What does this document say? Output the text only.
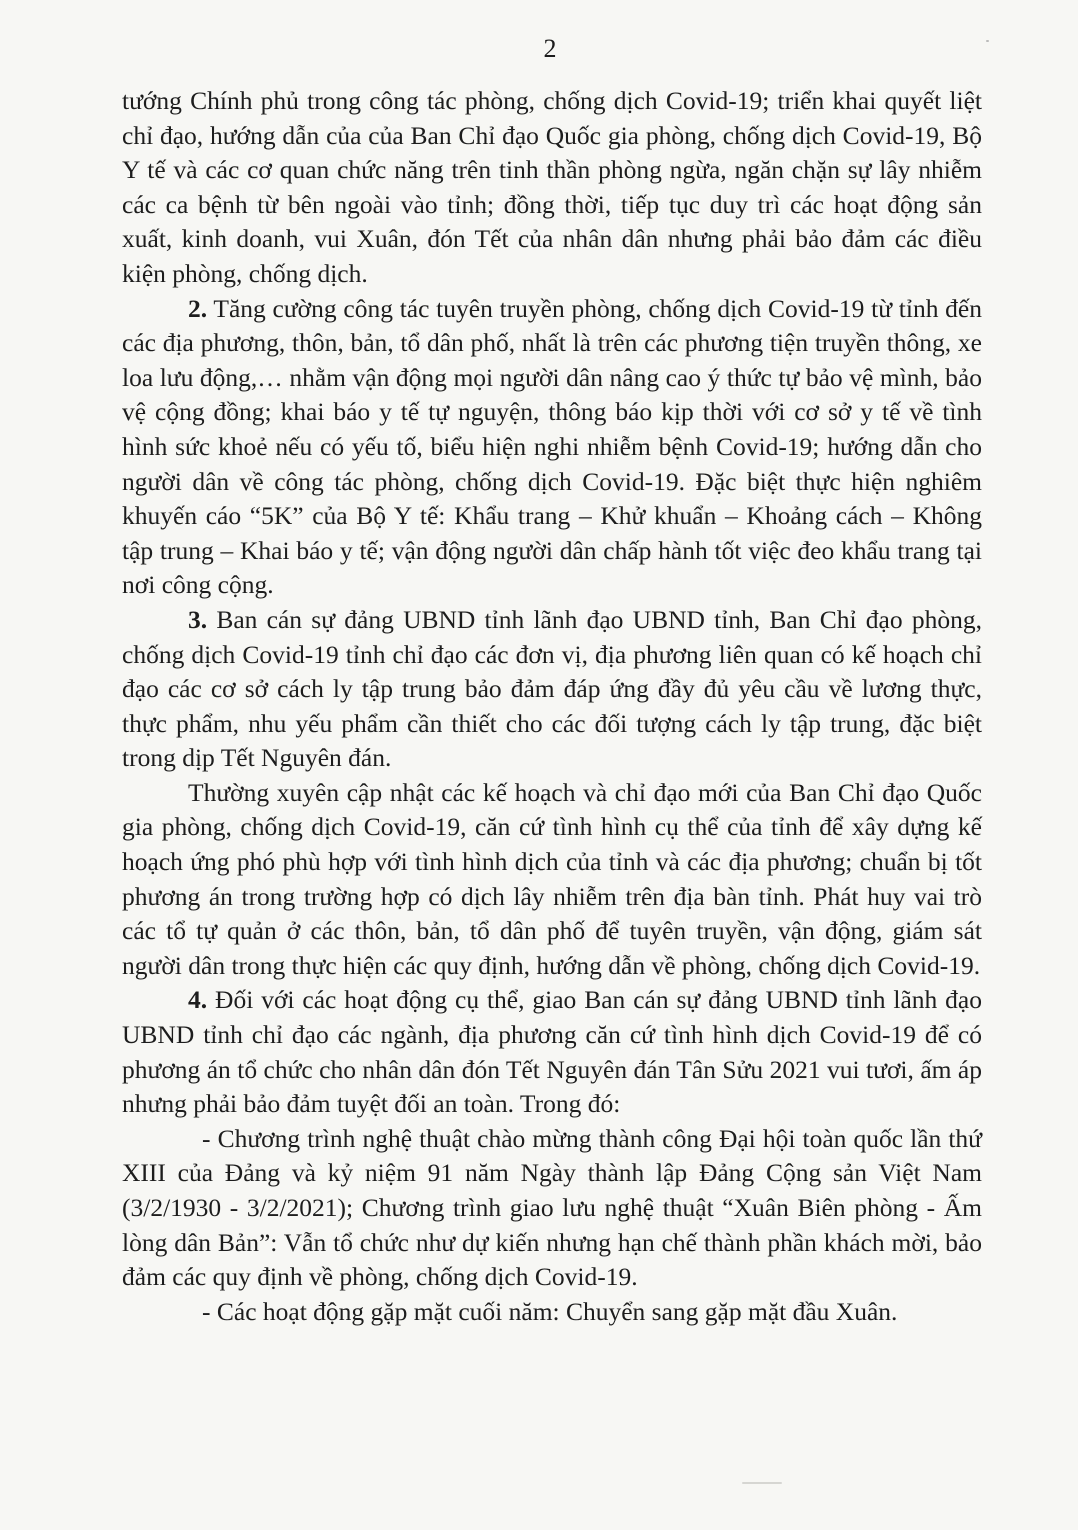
2

tướng Chính phủ trong công tác phòng, chống dịch Covid-19; triển khai quyết liệt chỉ đạo, hướng dẫn của của Ban Chỉ đạo Quốc gia phòng, chống dịch Covid-19, Bộ Y tế và các cơ quan chức năng trên tinh thần phòng ngừa, ngăn chặn sự lây nhiễm các ca bệnh từ bên ngoài vào tỉnh; đồng thời, tiếp tục duy trì các hoạt động sản xuất, kinh doanh, vui Xuân, đón Tết của nhân dân nhưng phải bảo đảm các điều kiện phòng, chống dịch.

2. Tăng cường công tác tuyên truyền phòng, chống dịch Covid-19 từ tỉnh đến các địa phương, thôn, bản, tổ dân phố, nhất là trên các phương tiện truyền thông, xe loa lưu động,… nhằm vận động mọi người dân nâng cao ý thức tự bảo vệ mình, bảo vệ cộng đồng; khai báo y tế tự nguyện, thông báo kịp thời với cơ sở y tế về tình hình sức khoẻ nếu có yếu tố, biểu hiện nghi nhiễm bệnh Covid-19; hướng dẫn cho người dân về công tác phòng, chống dịch Covid-19. Đặc biệt thực hiện nghiêm khuyến cáo “5K” của Bộ Y tế: Khẩu trang – Khử khuẩn – Khoảng cách – Không tập trung – Khai báo y tế; vận động người dân chấp hành tốt việc đeo khẩu trang tại nơi công cộng.

3. Ban cán sự đảng UBND tỉnh lãnh đạo UBND tỉnh, Ban Chỉ đạo phòng, chống dịch Covid-19 tỉnh chỉ đạo các đơn vị, địa phương liên quan có kế hoạch chỉ đạo các cơ sở cách ly tập trung bảo đảm đáp ứng đầy đủ yêu cầu về lương thực, thực phẩm, nhu yếu phẩm cần thiết cho các đối tượng cách ly tập trung, đặc biệt trong dịp Tết Nguyên đán.

Thường xuyên cập nhật các kế hoạch và chỉ đạo mới của Ban Chỉ đạo Quốc gia phòng, chống dịch Covid-19, căn cứ tình hình cụ thể của tỉnh để xây dựng kế hoạch ứng phó phù hợp với tình hình dịch của tỉnh và các địa phương; chuẩn bị tốt phương án trong trường hợp có dịch lây nhiễm trên địa bàn tỉnh. Phát huy vai trò các tổ tự quản ở các thôn, bản, tổ dân phố để tuyên truyền, vận động, giám sát người dân trong thực hiện các quy định, hướng dẫn về phòng, chống dịch Covid-19.

4. Đối với các hoạt động cụ thể, giao Ban cán sự đảng UBND tỉnh lãnh đạo UBND tỉnh chỉ đạo các ngành, địa phương căn cứ tình hình dịch Covid-19 để có phương án tổ chức cho nhân dân đón Tết Nguyên đán Tân Sửu 2021 vui tươi, ấm áp nhưng phải bảo đảm tuyệt đối an toàn. Trong đó:

- Chương trình nghệ thuật chào mừng thành công Đại hội toàn quốc lần thứ XIII của Đảng và kỷ niệm 91 năm Ngày thành lập Đảng Cộng sản Việt Nam (3/2/1930 - 3/2/2021); Chương trình giao lưu nghệ thuật “Xuân Biên phòng - Ấm lòng dân Bản”: Vẫn tổ chức như dự kiến nhưng hạn chế thành phần khách mời, bảo đảm các quy định về phòng, chống dịch Covid-19.

- Các hoạt động gặp mặt cuối năm: Chuyển sang gặp mặt đầu Xuân.
